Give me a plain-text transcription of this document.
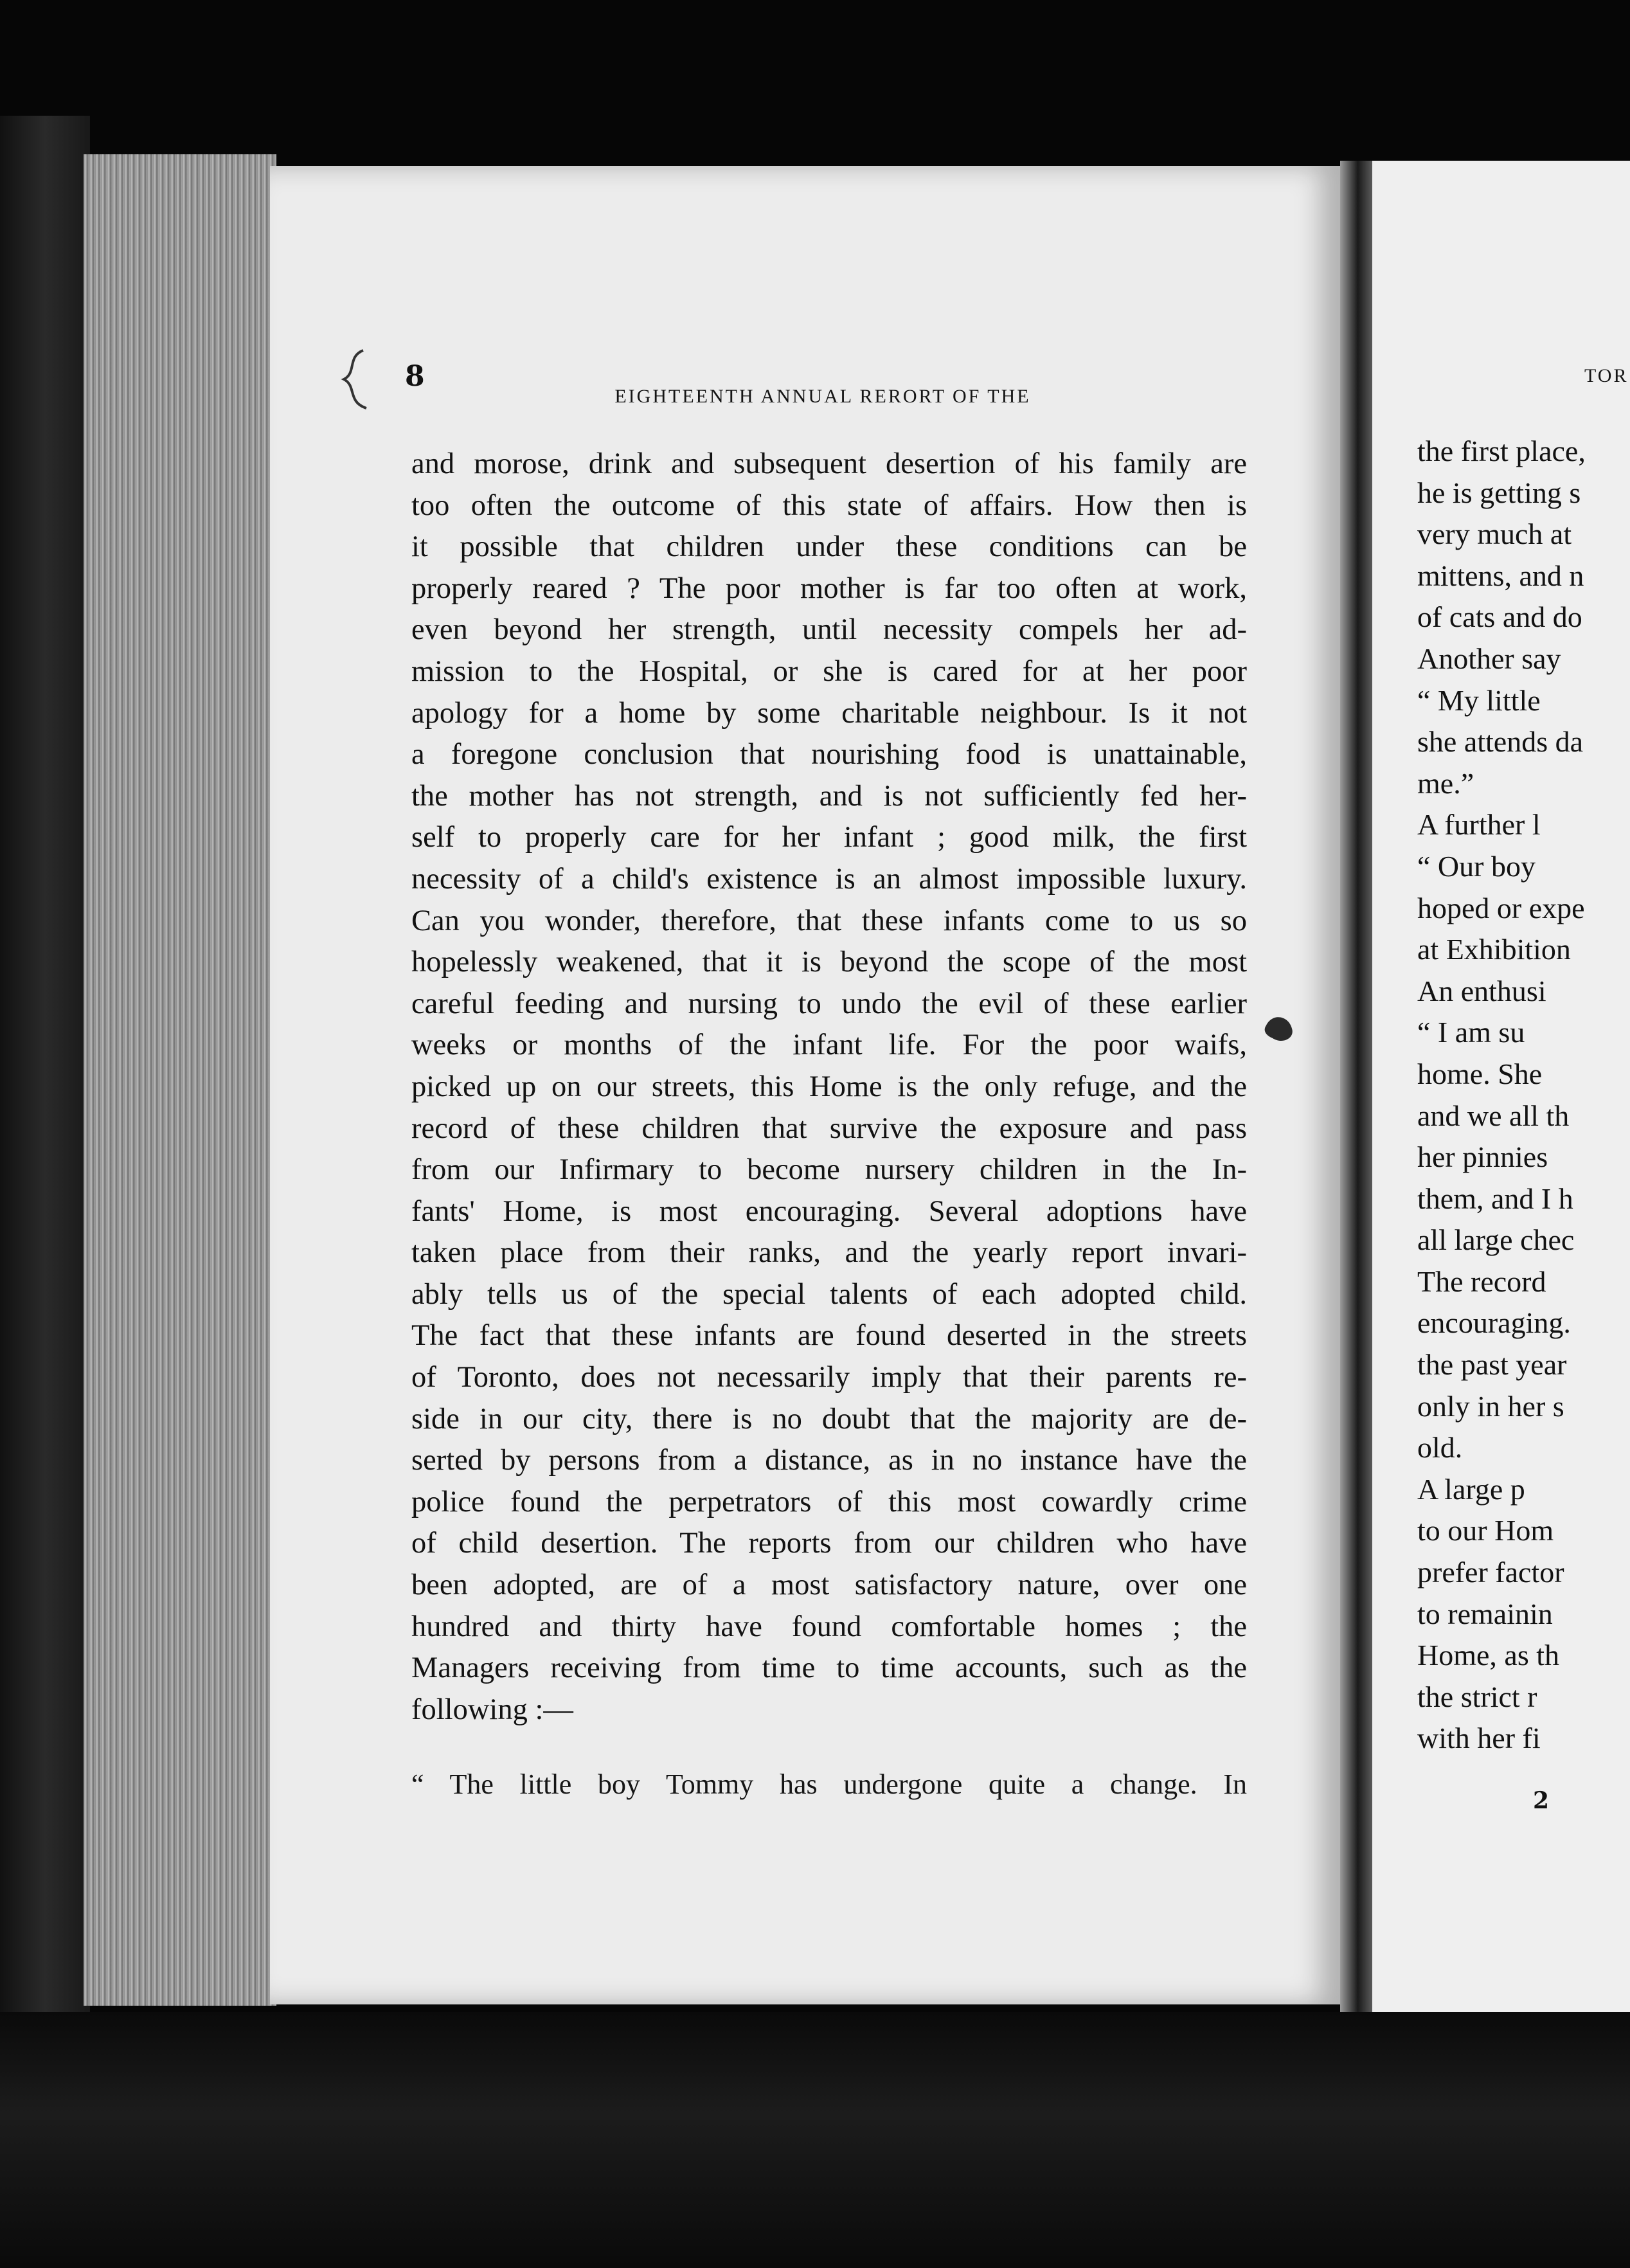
8
EIGHTEENTH ANNUAL RERORT OF THE
and morose, drink and subsequent desertion of his family are
too often the outcome of this state of affairs. How then is
it possible that children under these conditions can be
properly reared ? The poor mother is far too often at work,
even beyond her strength, until necessity compels her ad-
mission to the Hospital, or she is cared for at her poor
apology for a home by some charitable neighbour. Is it not
a foregone conclusion that nourishing food is unattainable,
the mother has not strength, and is not sufficiently fed her-
self to properly care for her infant ; good milk, the first
necessity of a child's existence is an almost impossible luxury.
Can you wonder, therefore, that these infants come to us so
hopelessly weakened, that it is beyond the scope of the most
careful feeding and nursing to undo the evil of these earlier
weeks or months of the infant life. For the poor waifs,
picked up on our streets, this Home is the only refuge, and the
record of these children that survive the exposure and pass
from our Infirmary to become nursery children in the In-
fants' Home, is most encouraging. Several adoptions have
taken place from their ranks, and the yearly report invari-
ably tells us of the special talents of each adopted child.
The fact that these infants are found deserted in the streets
of Toronto, does not necessarily imply that their parents re-
side in our city, there is no doubt that the majority are de-
serted by persons from a distance, as in no instance have the
police found the perpetrators of this most cowardly crime
of child desertion. The reports from our children who have
been adopted, are of a most satisfactory nature, over one
hundred and thirty have found comfortable homes ; the
Managers receiving from time to time accounts, such as the
following :—
“ The little boy Tommy has undergone quite a change. In
TOR
the first place,
he is getting s
very much at
mittens, and n
of cats and do
Another say
“ My little
she attends da
me.”
A further l
“ Our boy
hoped or expe
at Exhibition
An enthusi
“ I am su
home. She
and we all th
her pinnies
them, and I h
all large chec
The record
encouraging.
the past year
only in her s
old.
A large p
to our Hom
prefer factor
to remainin
Home, as th
the strict r
with her fi
2
